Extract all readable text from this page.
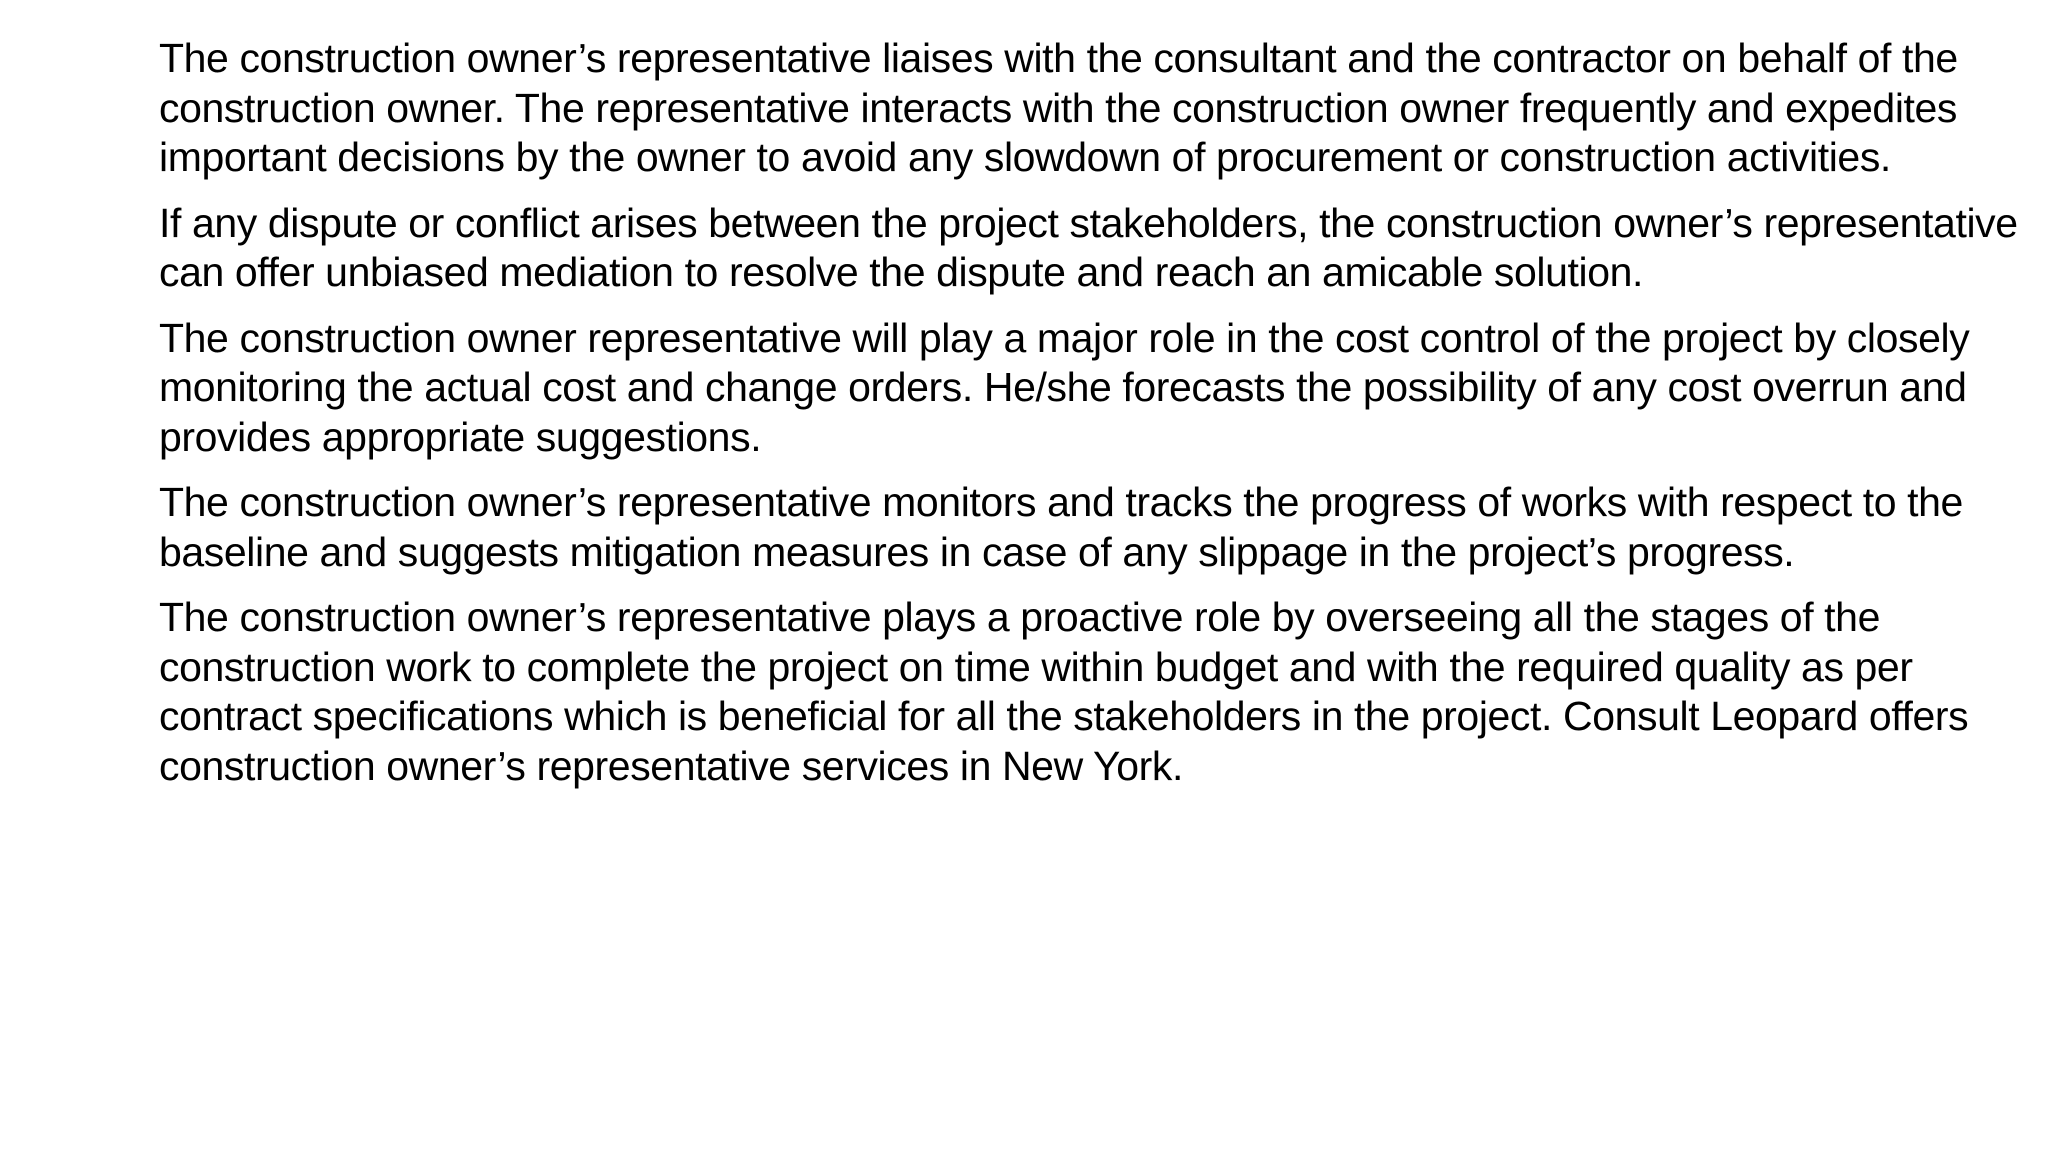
The construction owner’s representative liaises with the consultant and the contractor on behalf of the construction owner. The representative interacts with the construction owner frequently and expedites important decisions by the owner to avoid any slowdown of procurement or construction activities.

If any dispute or conflict arises between the project stakeholders, the construction owner’s representative can offer unbiased mediation to resolve the dispute and reach an amicable solution.

The construction owner representative will play a major role in the cost control of the project by closely monitoring the actual cost and change orders. He/she forecasts the possibility of any cost overrun and provides appropriate suggestions.

The construction owner’s representative monitors and tracks the progress of works with respect to the baseline and suggests mitigation measures in case of any slippage in the project’s progress.

The construction owner’s representative plays a proactive role by overseeing all the stages of the construction work to complete the project on time within budget and with the required quality as per contract specifications which is beneficial for all the stakeholders in the project. Consult Leopard offers construction owner’s representative services in New York.
